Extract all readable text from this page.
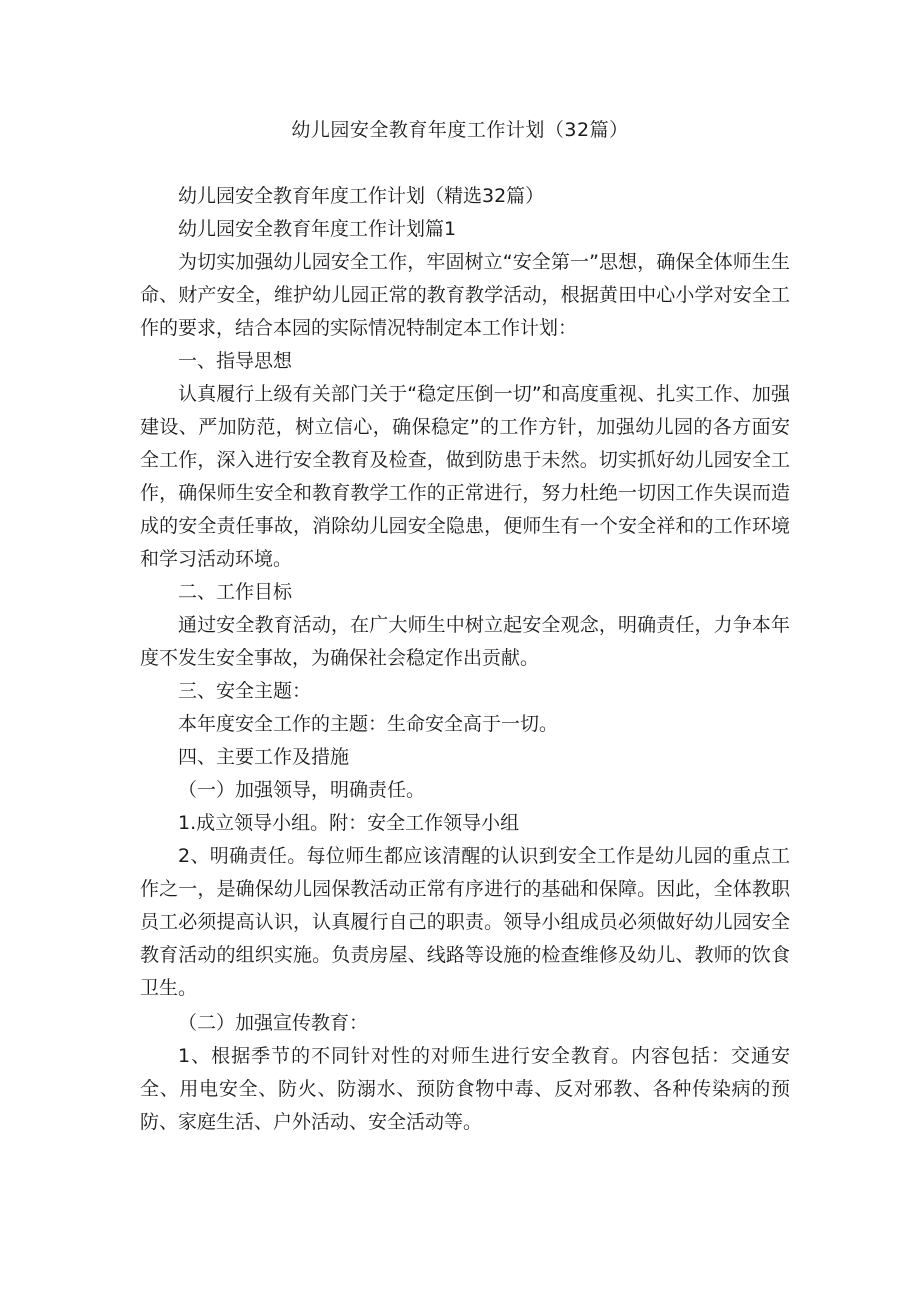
幼儿园安全教育年度工作计划（32篇）

幼儿园安全教育年度工作计划（精选32篇）

幼儿园安全教育年度工作计划篇1

为切实加强幼儿园安全工作，牢固树立“安全第一”思想，确保全体师生生命、财产安全，维护幼儿园正常的教育教学活动，根据黄田中心小学对安全工作的要求，结合本园的实际情况特制定本工作计划：

一、指导思想

认真履行上级有关部门关于“稳定压倒一切”和高度重视、扎实工作、加强建设、严加防范，树立信心，确保稳定”的工作方针，加强幼儿园的各方面安全工作，深入进行安全教育及检查，做到防患于未然。切实抓好幼儿园安全工作，确保师生安全和教育教学工作的正常进行，努力杜绝一切因工作失误而造成的安全责任事故，消除幼儿园安全隐患，便师生有一个安全祥和的工作环境和学习活动环境。

二、工作目标

通过安全教育活动，在广大师生中树立起安全观念，明确责任，力争本年度不发生安全事故，为确保社会稳定作出贡献。

三、安全主题：

本年度安全工作的主题：生命安全高于一切。

四、主要工作及措施

（一）加强领导，明确责任。

1.成立领导小组。附：安全工作领导小组

2、明确责任。每位师生都应该清醒的认识到安全工作是幼儿园的重点工作之一，是确保幼儿园保教活动正常有序进行的基础和保障。因此，全体教职员工必须提高认识，认真履行自己的职责。领导小组成员必须做好幼儿园安全教育活动的组织实施。负责房屋、线路等设施的检查维修及幼儿、教师的饮食卫生。

（二）加强宣传教育：

1、根据季节的不同针对性的对师生进行安全教育。内容包括：交通安全、用电安全、防火、防溺水、预防食物中毒、反对邪教、各种传染病的预防、家庭生活、户外活动、安全活动等。
